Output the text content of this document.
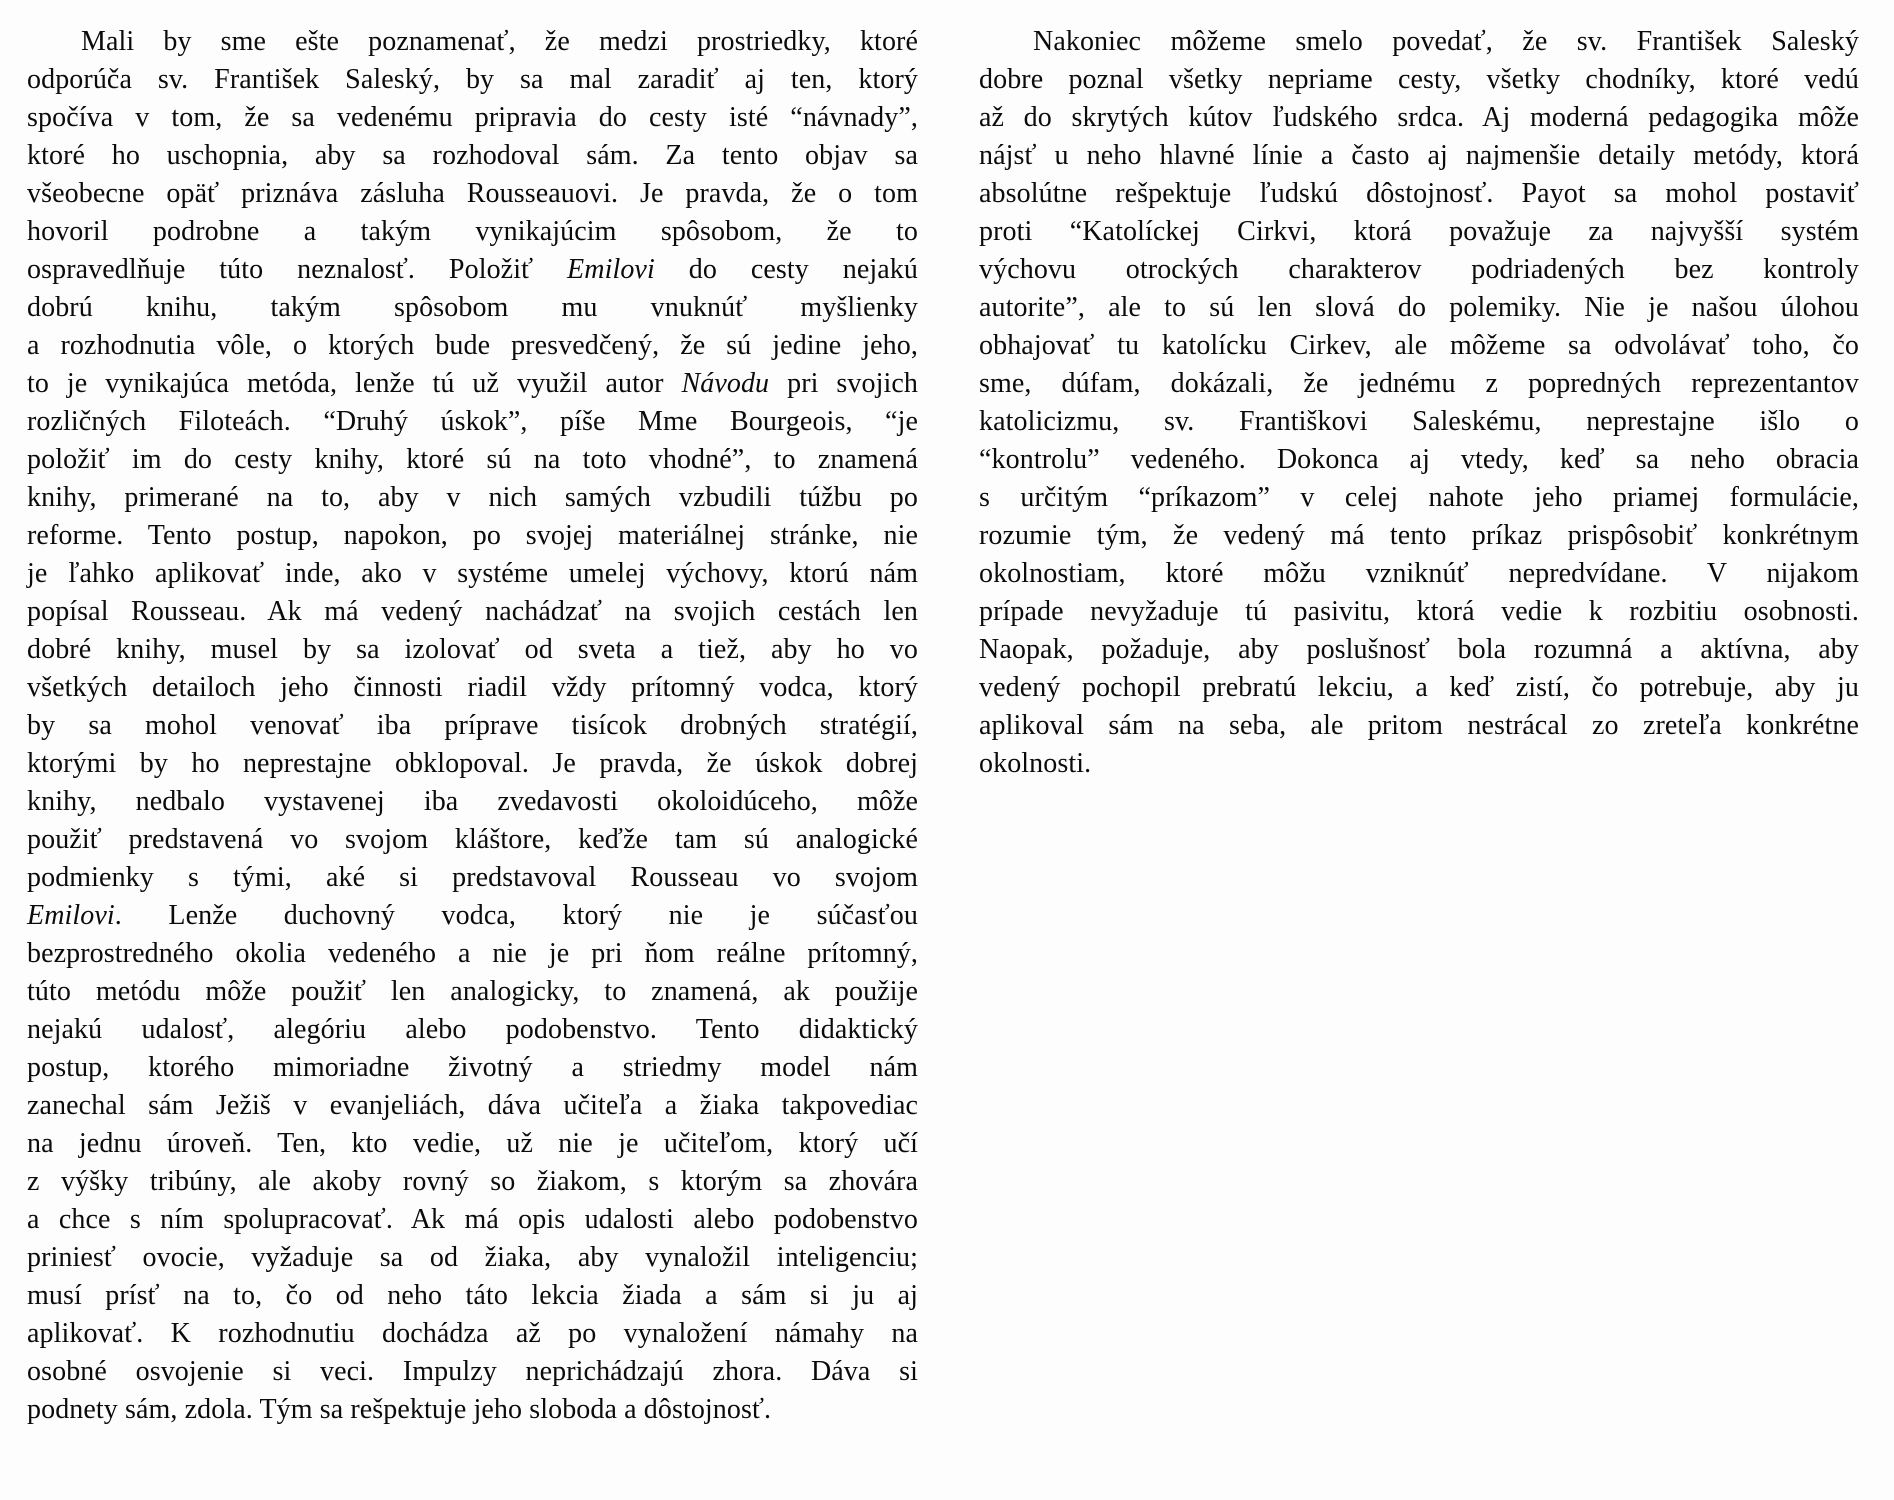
Mali by sme ešte poznamenať, že medzi prostriedky, ktoré
odporúča sv. František Saleský, by sa mal zaradiť aj ten, ktorý
spočíva v tom, že sa vedenému pripravia do cesty isté “návnady”,
ktoré ho uschopnia, aby sa rozhodoval sám. Za tento objav sa
všeobecne opäť priznáva zásluha Rousseauovi. Je pravda, že o tom
hovoril podrobne a takým vynikajúcim spôsobom, že to
ospravedlňuje túto neznalosť. Položiť Emilovi do cesty nejakú
dobrú knihu, takým spôsobom mu vnuknúť myšlienky
a rozhodnutia vôle, o ktorých bude presvedčený, že sú jedine jeho,
to je vynikajúca metóda, lenže tú už využil autor Návodu pri svojich
rozličných Filoteách. “Druhý úskok”, píše Mme Bourgeois, “je
položiť im do cesty knihy, ktoré sú na toto vhodné”, to znamená
knihy, primerané na to, aby v nich samých vzbudili túžbu po
reforme. Tento postup, napokon, po svojej materiálnej stránke, nie
je ľahko aplikovať inde, ako v systéme umelej výchovy, ktorú nám
popísal Rousseau. Ak má vedený nachádzať na svojich cestách len
dobré knihy, musel by sa izolovať od sveta a tiež, aby ho vo
všetkých detailoch jeho činnosti riadil vždy prítomný vodca, ktorý
by sa mohol venovať iba príprave tisícok drobných stratégií,
ktorými by ho neprestajne obklopoval. Je pravda, že úskok dobrej
knihy, nedbalo vystavenej iba zvedavosti okoloidúceho, môže
použiť predstavená vo svojom kláštore, keďže tam sú analogické
podmienky s tými, aké si predstavoval Rousseau vo svojom
Emilovi. Lenže duchovný vodca, ktorý nie je súčasťou
bezprostredného okolia vedeného a nie je pri ňom reálne prítomný,
túto metódu môže použiť len analogicky, to znamená, ak použije
nejakú udalosť, alegóriu alebo podobenstvo. Tento didaktický
postup, ktorého mimoriadne životný a striedmy model nám
zanechal sám Ježiš v evanjeliách, dáva učiteľa a žiaka takpovediac
na jednu úroveň. Ten, kto vedie, už nie je učiteľom, ktorý učí
z výšky tribúny, ale akoby rovný so žiakom, s ktorým sa zhovára
a chce s ním spolupracovať. Ak má opis udalosti alebo podobenstvo
priniesť ovocie, vyžaduje sa od žiaka, aby vynaložil inteligenciu;
musí prísť na to, čo od neho táto lekcia žiada a sám si ju aj
aplikovať. K rozhodnutiu dochádza až po vynaložení námahy na
osobné osvojenie si veci. Impulzy neprichádzajú zhora. Dáva si
podnety sám, zdola. Tým sa rešpektuje jeho sloboda a dôstojnosť.
Nakoniec môžeme smelo povedať, že sv. František Saleský
dobre poznal všetky nepriame cesty, všetky chodníky, ktoré vedú
až do skrytých kútov ľudského srdca. Aj moderná pedagogika môže
nájsť u neho hlavné línie a často aj najmenšie detaily metódy, ktorá
absolútne rešpektuje ľudskú dôstojnosť. Payot sa mohol postaviť
proti “Katolíckej Cirkvi, ktorá považuje za najvyšší systém
výchovu otrockých charakterov podriadených bez kontroly
autorite”, ale to sú len slová do polemiky. Nie je našou úlohou
obhajovať tu katolícku Cirkev, ale môžeme sa odvolávať toho, čo
sme, dúfam, dokázali, že jednému z popredných reprezentantov
katolicizmu, sv. Františkovi Saleskému, neprestajne išlo o
“kontrolu” vedeného. Dokonca aj vtedy, keď sa neho obracia
s určitým “príkazom” v celej nahote jeho priamej formulácie,
rozumie tým, že vedený má tento príkaz prispôsobiť konkrétnym
okolnostiam, ktoré môžu vzniknúť nepredvídane. V nijakom
prípade nevyžaduje tú pasivitu, ktorá vedie k rozbitiu osobnosti.
Naopak, požaduje, aby poslušnosť bola rozumná a aktívna, aby
vedený pochopil prebratú lekciu, a keď zistí, čo potrebuje, aby ju
aplikoval sám na seba, ale pritom nestrácal zo zreteľa konkrétne
okolnosti.
